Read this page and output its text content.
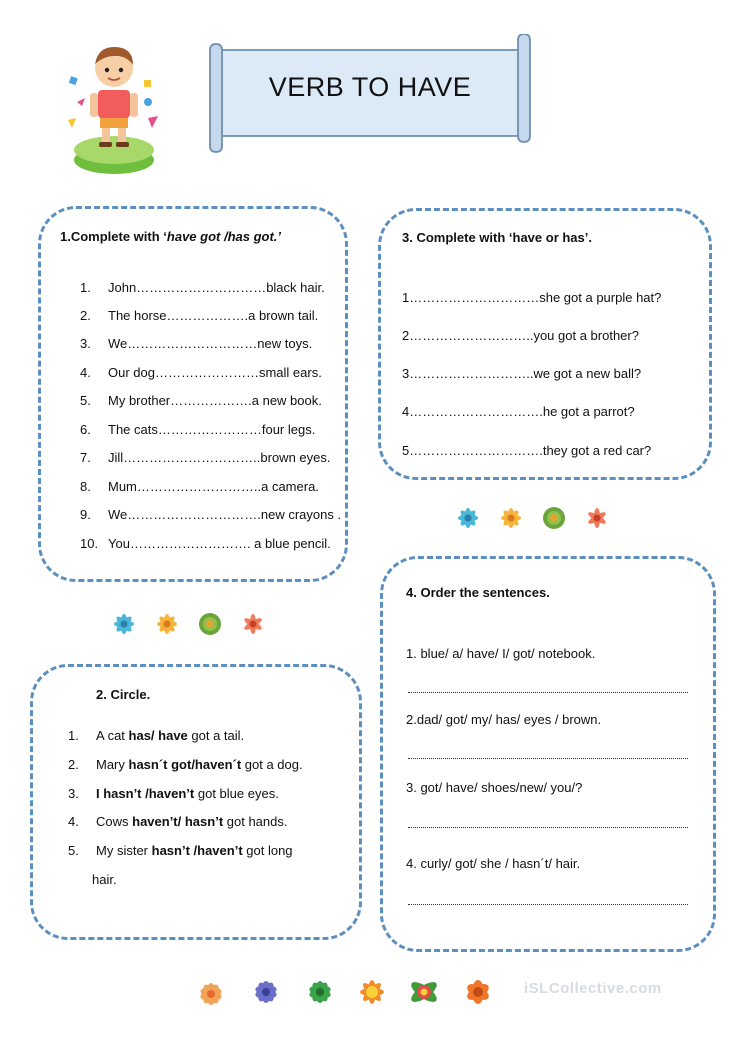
VERB TO HAVE
1.Complete with ‘have got /has got.’
1. John…………………………black hair.
2. The horse……………….a brown tail.
3. We…………………………new toys.
4. Our dog……………………small ears.
5. My brother……………….a new book.
6. The cats……………………four legs.
7. Jill…………………………..brown eyes.
8. Mum………………………..a camera.
9. We………………………….new crayons .
10. You………………………. a blue pencil.
3. Complete with ‘have or has’.
1…………………………she got a purple hat?
2………………………..you got a brother?
3………………………..we got a new ball?
4………………………….he got a parrot?
5………………………….they got a red car?
4. Order the sentences.
1. blue/ a/ have/ I/ got/ notebook.
2.dad/ got/ my/ has/ eyes / brown.
3. got/ have/ shoes/new/ you/?
4. curly/ got/ she / hasn´t/ hair.
2. Circle.
1. A cat has/ have got a tail.
2. Mary hasn´t got/haven´t got a dog.
3. I hasn’t /haven’t got blue eyes.
4. Cows haven’t/ hasn’t got hands.
5. My sister hasn’t /haven’t got long
hair.
iSLCollective.com
